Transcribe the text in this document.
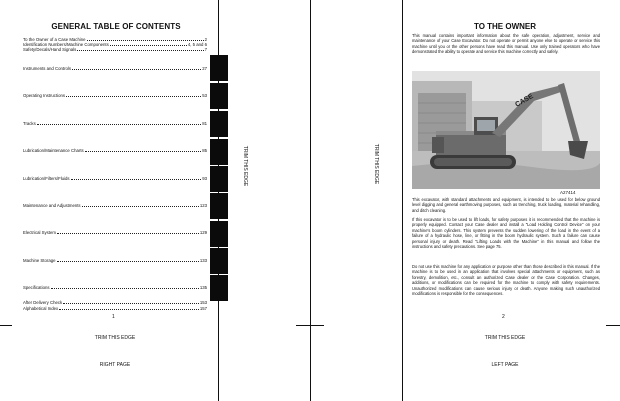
GENERAL TABLE OF CONTENTS
To the Owner of a Case Machine	2
Identification Numbers/Machine Components	4, 5 and 6
Safety/Decals/Hand Signals	7
Instruments and Controls	27
Operating Instructions	53
Tracks	81
Lubrication/Maintenance Charts	85
Lubrication/Filters/Fluids	93
Maintenance and Adjustments	123
Electrical System	129
Machine Storage	133
Specifications	135
After Delivery Check	153
Alphabetical Index	157
1
TRIM THIS EDGE
RIGHT PAGE
TRIM THIS EDGE	TRIM THIS EDGE
TO THE OWNER
This manual contains important information about the safe operation, adjustment, service and maintenance of your Case Excavator. Do not operate or permit anyone else to operate or service this machine until you or the other persons have read this manual. Use only trained operators who have demonstrated the ability to operate and service this machine correctly and safely.
CASE
A27414
This excavator, with standard attachments and equipment, is intended to be used for below ground level digging and general earthmoving purposes, such as trenching, truck loading, material rehandling, and ditch cleaning.
If this excavator is to be used to lift loads, for safety purposes it is recommended that the machine is properly equipped. Contact your Case dealer and install a "Load Holding Control Device" on your machine's boom cylinders. This system prevents the sudden lowering of the load in the event of a failure of a hydraulic hose, line, or fitting in the boom hydraulic system. Such a failure can cause personal injury or death. Read "Lifting Loads with the Machine" in this manual and follow the instructions and safety precautions. See page 75.
Do not use this machine for any application or purpose other than those described in this manual. If the machine is to be used in an application that involves special attachments or equipment, such as forestry, demolition, etc., consult an authorized Case dealer or the Case Corporation. Changes, additions, or modifications can be required for the machine to comply with safety requirements. Unauthorized modifications can cause serious injury or death. Anyone making such unauthorized modifications is responsible for the consequences.
2
TRIM THIS EDGE
LEFT PAGE
